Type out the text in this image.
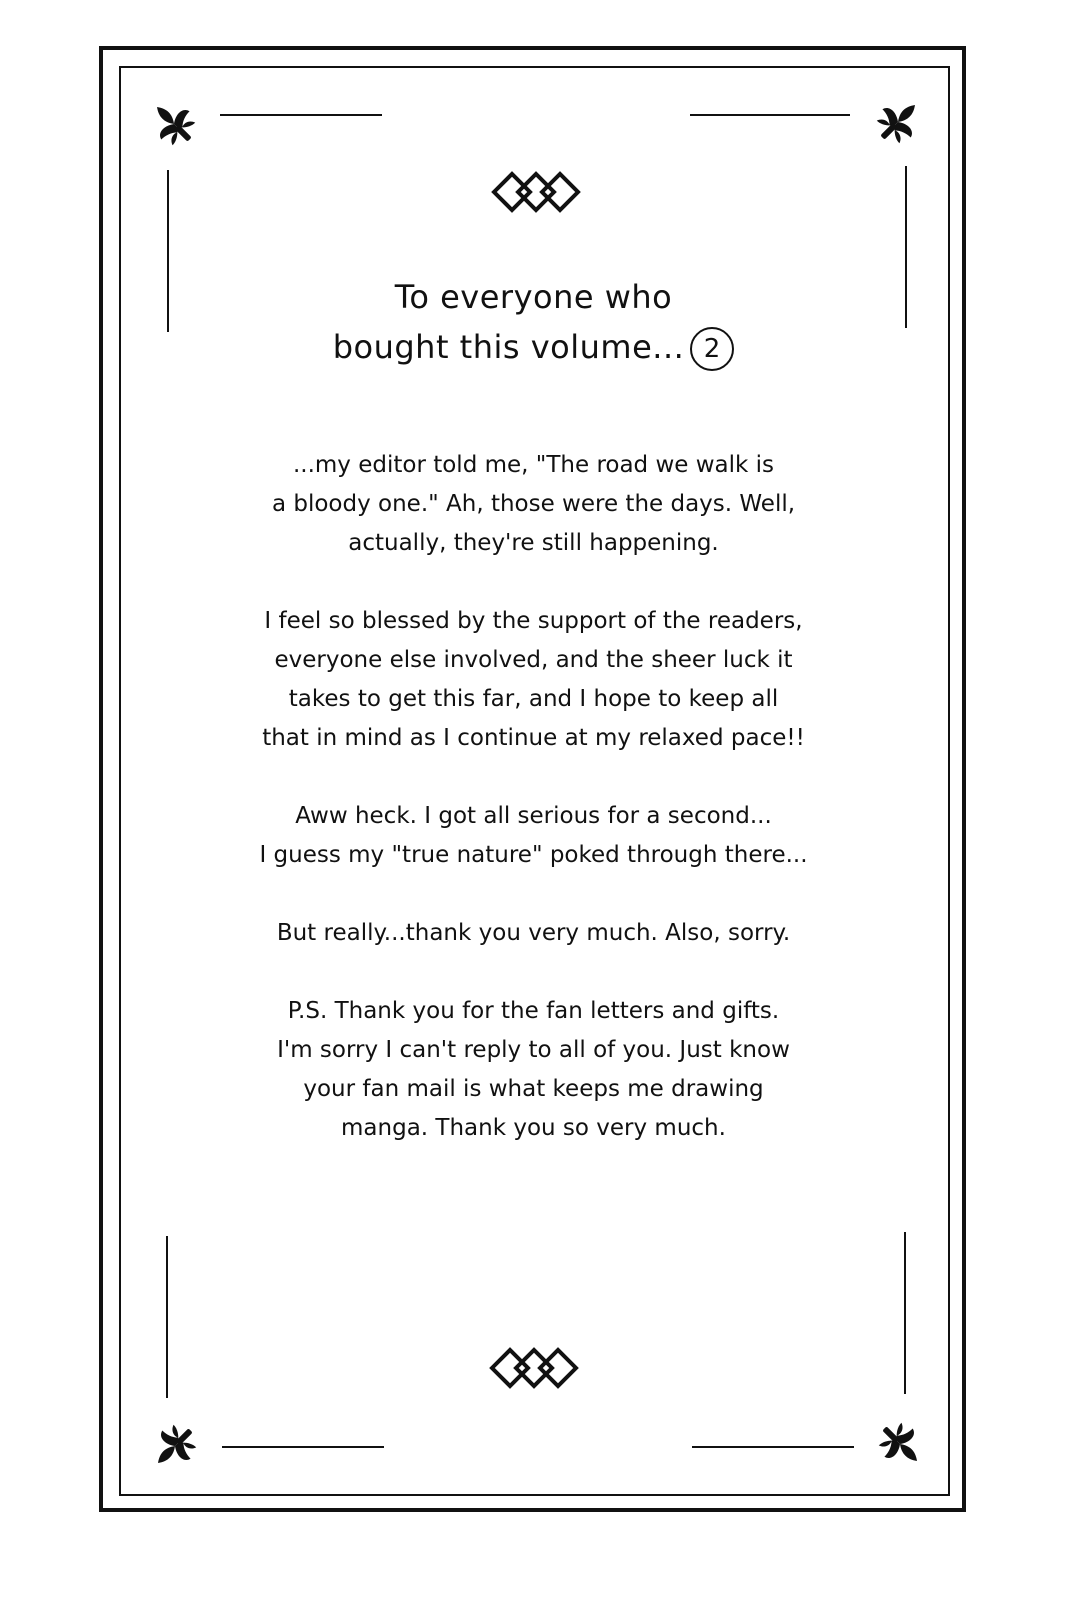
To everyone who
bought this volume... 2

...my editor told me, "The road we walk is
a bloody one." Ah, those were the days. Well,
actually, they're still happening.

I feel so blessed by the support of the readers,
everyone else involved, and the sheer luck it
takes to get this far, and I hope to keep all
that in mind as I continue at my relaxed pace!!

Aww heck. I got all serious for a second...
I guess my "true nature" poked through there...

But really...thank you very much. Also, sorry.

P.S. Thank you for the fan letters and gifts.
I'm sorry I can't reply to all of you. Just know
your fan mail is what keeps me drawing
manga. Thank you so very much.
